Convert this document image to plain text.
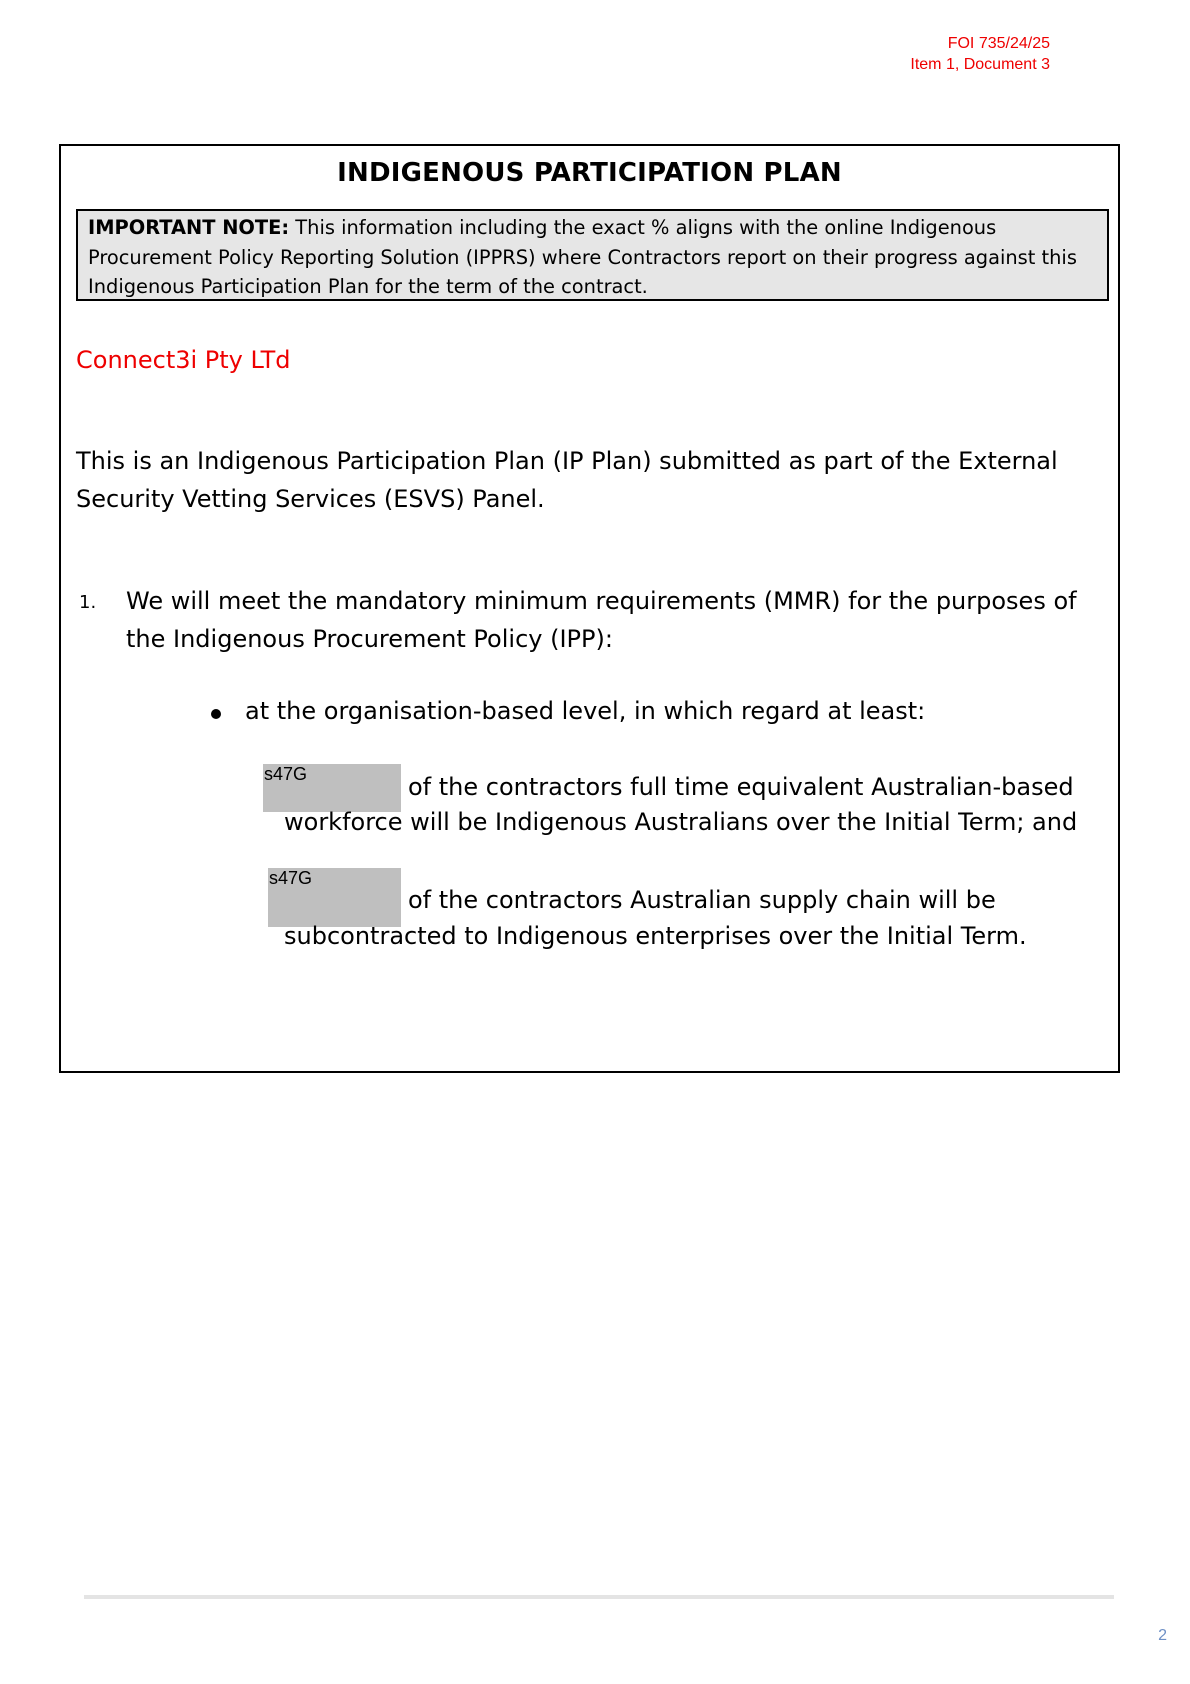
FOI 735/24/25
Item 1, Document 3
INDIGENOUS PARTICIPATION PLAN
IMPORTANT NOTE: This information including the exact % aligns with the online Indigenous Procurement Policy Reporting Solution (IPPRS) where Contractors report on their progress against this Indigenous Participation Plan for the term of the contract.
Connect3i Pty LTd
This is an Indigenous Participation Plan (IP Plan) submitted as part of the External Security Vetting Services (ESVS) Panel.
1. We will meet the mandatory minimum requirements (MMR) for the purposes of the Indigenous Procurement Policy (IPP):
at the organisation-based level, in which regard at least:
s47G	of the contractors full time equivalent Australian-based
workforce will be Indigenous Australians over the Initial Term; and
s47G
of the contractors Australian supply chain will be
subcontracted to Indigenous enterprises over the Initial Term.
2
